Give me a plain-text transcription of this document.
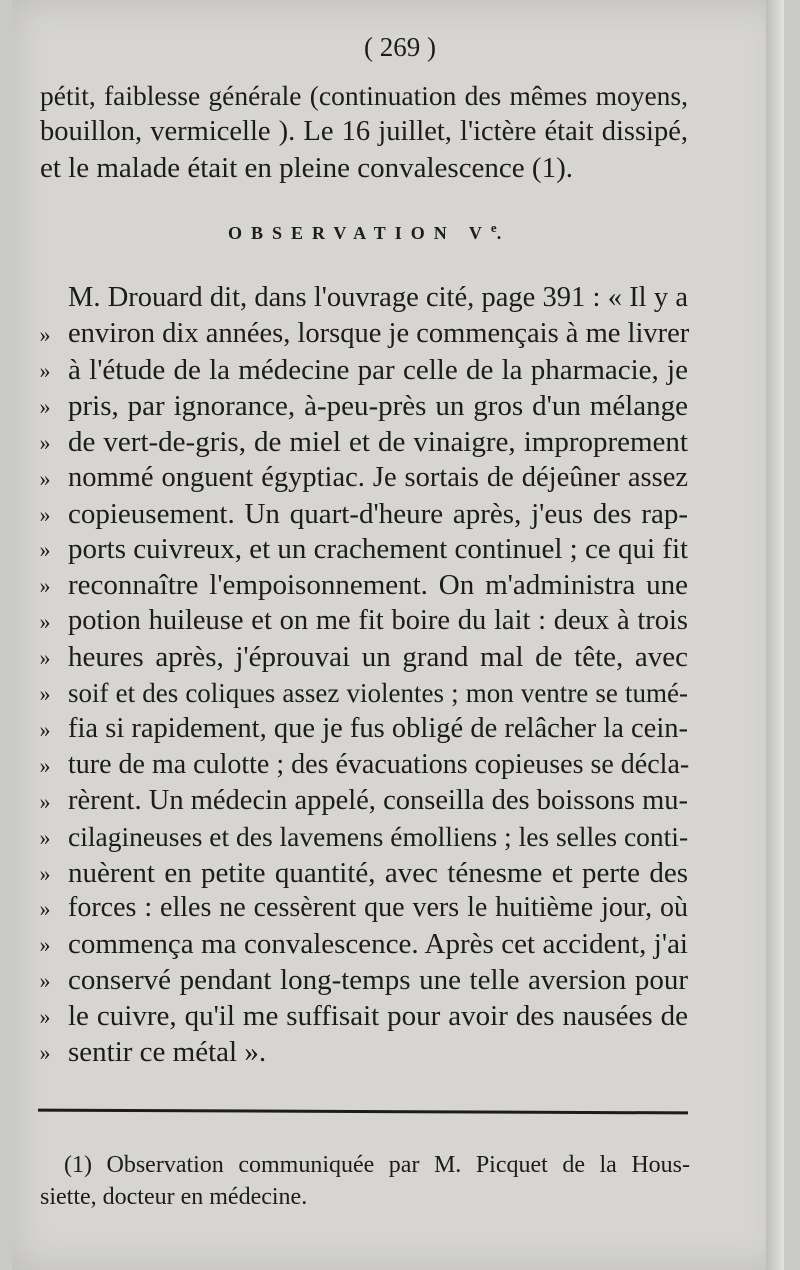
( 269 )
pétit, faiblesse générale (continuation des mêmes moyens,
bouillon, vermicelle ). Le 16 juillet, l'ictère était dissipé,
et le malade était en pleine convalescence (1).
OBSERVATION Ve.
M. Drouard dit, dans l'ouvrage cité, page 391 : « Il y a
» environ dix années, lorsque je commençais à me livrer
» à l'étude de la médecine par celle de la pharmacie, je
» pris, par ignorance, à-peu-près un gros d'un mélange
» de vert-de-gris, de miel et de vinaigre, improprement
» nommé onguent égyptiac. Je sortais de déjeûner assez
» copieusement. Un quart-d'heure après, j'eus des rap-
» ports cuivreux, et un crachement continuel ; ce qui fit
» reconnaître l'empoisonnement. On m'administra une
» potion huileuse et on me fit boire du lait : deux à trois
» heures après, j'éprouvai un grand mal de tête, avec
» soif et des coliques assez violentes ; mon ventre se tumé-
» fia si rapidement, que je fus obligé de relâcher la cein-
» ture de ma culotte ; des évacuations copieuses se décla-
» rèrent. Un médecin appelé, conseilla des boissons mu-
» cilagineuses et des lavemens émolliens ; les selles conti-
» nuèrent en petite quantité, avec ténesme et perte des
» forces : elles ne cessèrent que vers le huitième jour, où
» commença ma convalescence. Après cet accident, j'ai
» conservé pendant long-temps une telle aversion pour
» le cuivre, qu'il me suffisait pour avoir des nausées de
» sentir ce métal ».
(1) Observation communiquée par M. Picquet de la Hous-
siette, docteur en médecine.
